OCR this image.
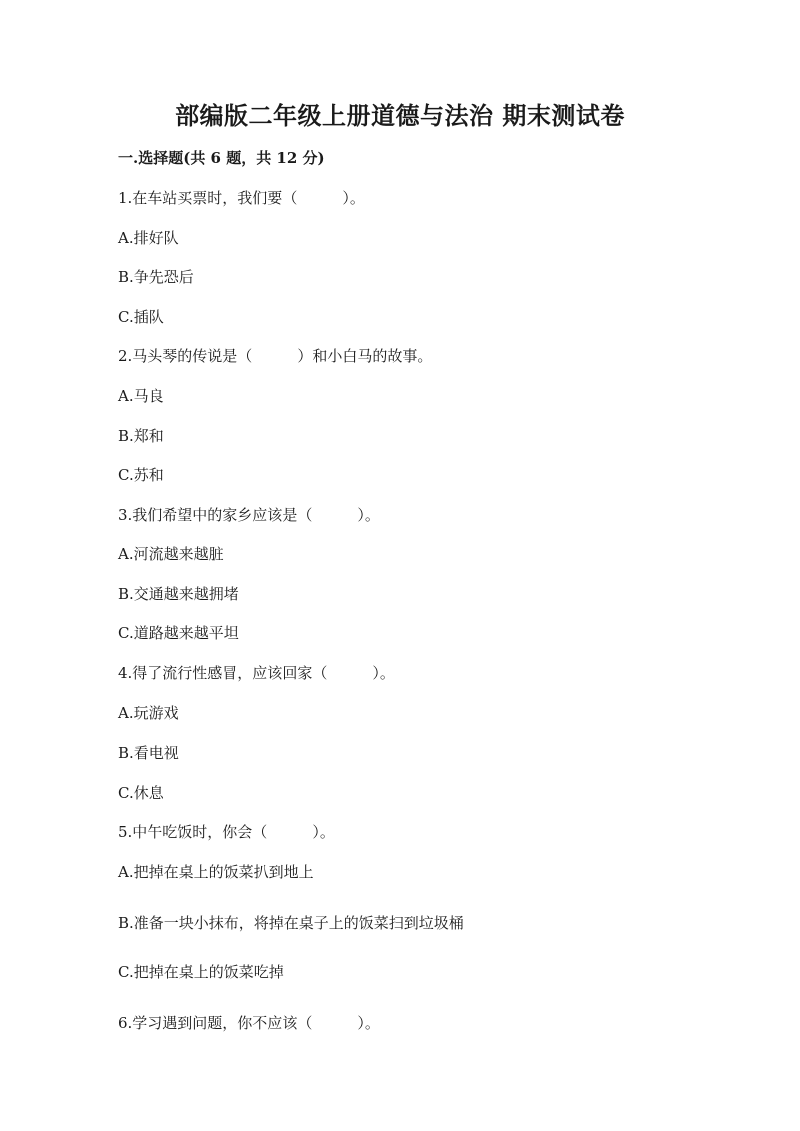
部编版二年级上册道德与法治 期末测试卷
一.选择题(共 6 题，共 12 分)
1.在车站买票时，我们要（　　　）。
A.排好队
B.争先恐后
C.插队
2.马头琴的传说是（　　　）和小白马的故事。
A.马良
B.郑和
C.苏和
3.我们希望中的家乡应该是（　　　）。
A.河流越来越脏
B.交通越来越拥堵
C.道路越来越平坦
4.得了流行性感冒，应该回家（　　　）。
A.玩游戏
B.看电视
C.休息
5.中午吃饭时，你会（　　　）。
A.把掉在桌上的饭菜扒到地上
B.准备一块小抹布，将掉在桌子上的饭菜扫到垃圾桶
C.把掉在桌上的饭菜吃掉
6.学习遇到问题，你不应该（　　　）。
